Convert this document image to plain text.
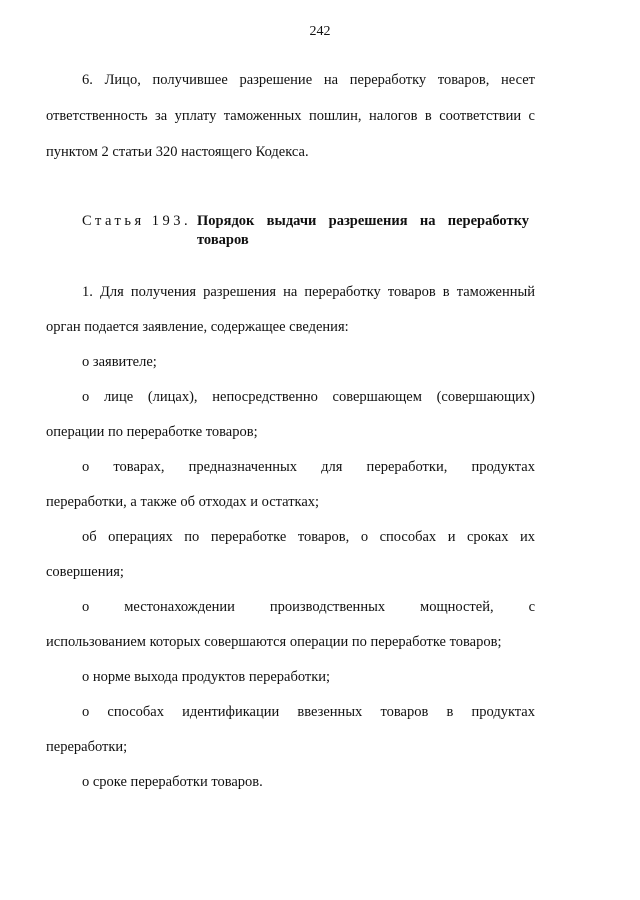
242
6. Лицо, получившее разрешение на переработку товаров, несет
ответственность за уплату таможенных пошлин, налогов в соответствии с
пунктом 2 статьи 320 настоящего Кодекса.
Статья 193. Порядок выдачи разрешения на переработку
товаров
1. Для получения разрешения на переработку товаров в таможенный
орган подается заявление, содержащее сведения:
о заявителе;
о лице (лицах), непосредственно совершающем (совершающих)
операции по переработке товаров;
о товарах, предназначенных для переработки, продуктах
переработки, а также об отходах и остатках;
об операциях по переработке товаров, о способах и сроках их
совершения;
о местонахождении производственных мощностей, с
использованием которых совершаются операции по переработке товаров;
о норме выхода продуктов переработки;
о способах идентификации ввезенных товаров в продуктах
переработки;
о сроке переработки товаров.
